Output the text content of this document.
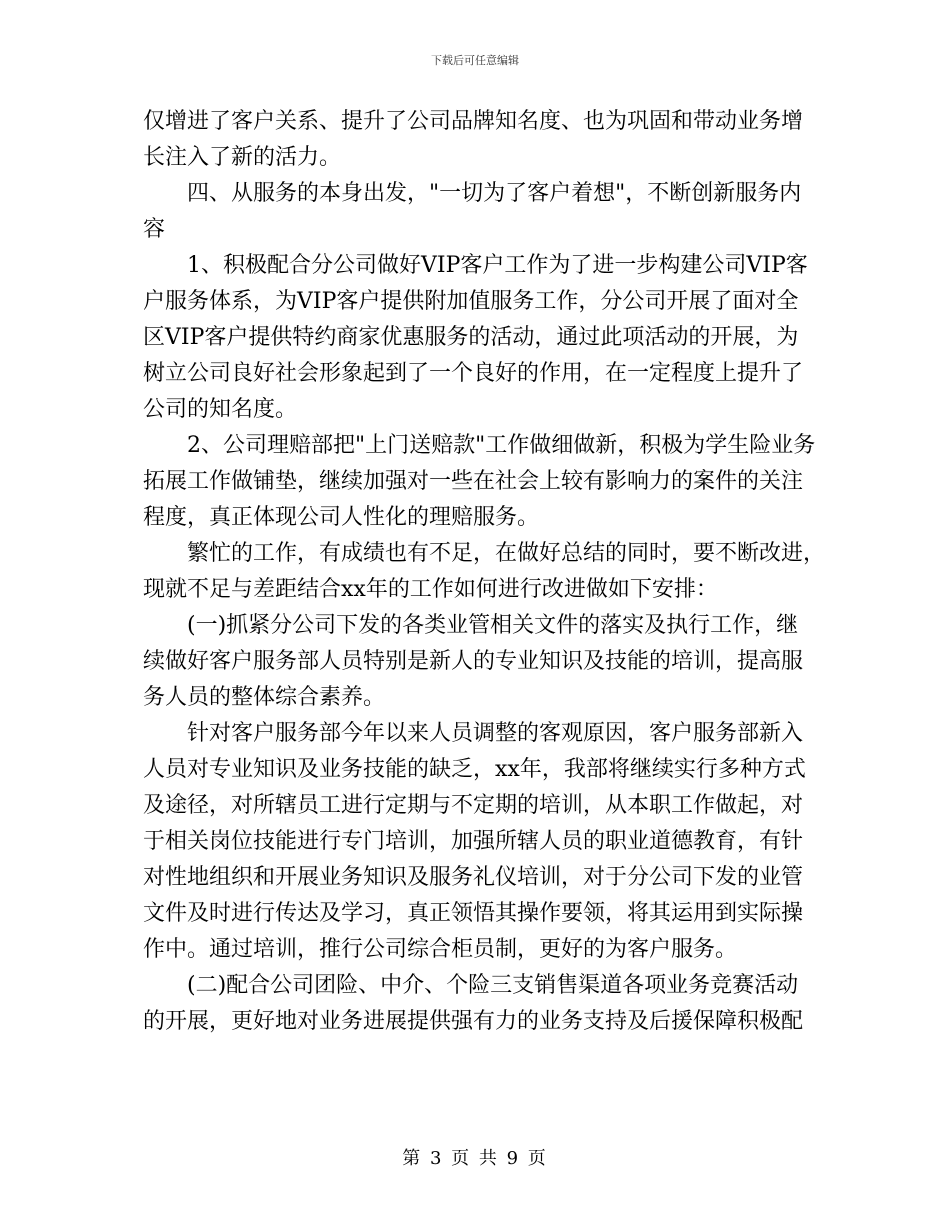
下载后可任意编辑
仅增进了客户关系、提升了公司品牌知名度、也为巩固和带动业务增
长注入了新的活力。
四、从服务的本身出发，"一切为了客户着想"，不断创新服务内
容
1、积极配合分公司做好VIP客户工作为了进一步构建公司VIP客
户服务体系，为VIP客户提供附加值服务工作，分公司开展了面对全
区VIP客户提供特约商家优惠服务的活动，通过此项活动的开展，为
树立公司良好社会形象起到了一个良好的作用，在一定程度上提升了
公司的知名度。
2、公司理赔部把"上门送赔款"工作做细做新，积极为学生险业务
拓展工作做铺垫，继续加强对一些在社会上较有影响力的案件的关注
程度，真正体现公司人性化的理赔服务。
繁忙的工作，有成绩也有不足，在做好总结的同时，要不断改进，
现就不足与差距结合xx年的工作如何进行改进做如下安排：
(一)抓紧分公司下发的各类业管相关文件的落实及执行工作，继
续做好客户服务部人员特别是新人的专业知识及技能的培训，提高服
务人员的整体综合素养。
针对客户服务部今年以来人员调整的客观原因，客户服务部新入
人员对专业知识及业务技能的缺乏，xx年，我部将继续实行多种方式
及途径，对所辖员工进行定期与不定期的培训，从本职工作做起，对
于相关岗位技能进行专门培训，加强所辖人员的职业道德教育，有针
对性地组织和开展业务知识及服务礼仪培训，对于分公司下发的业管
文件及时进行传达及学习，真正领悟其操作要领，将其运用到实际操
作中。通过培训，推行公司综合柜员制，更好的为客户服务。
(二)配合公司团险、中介、个险三支销售渠道各项业务竞赛活动
的开展，更好地对业务进展提供强有力的业务支持及后援保障积极配
第 3 页 共 9 页
